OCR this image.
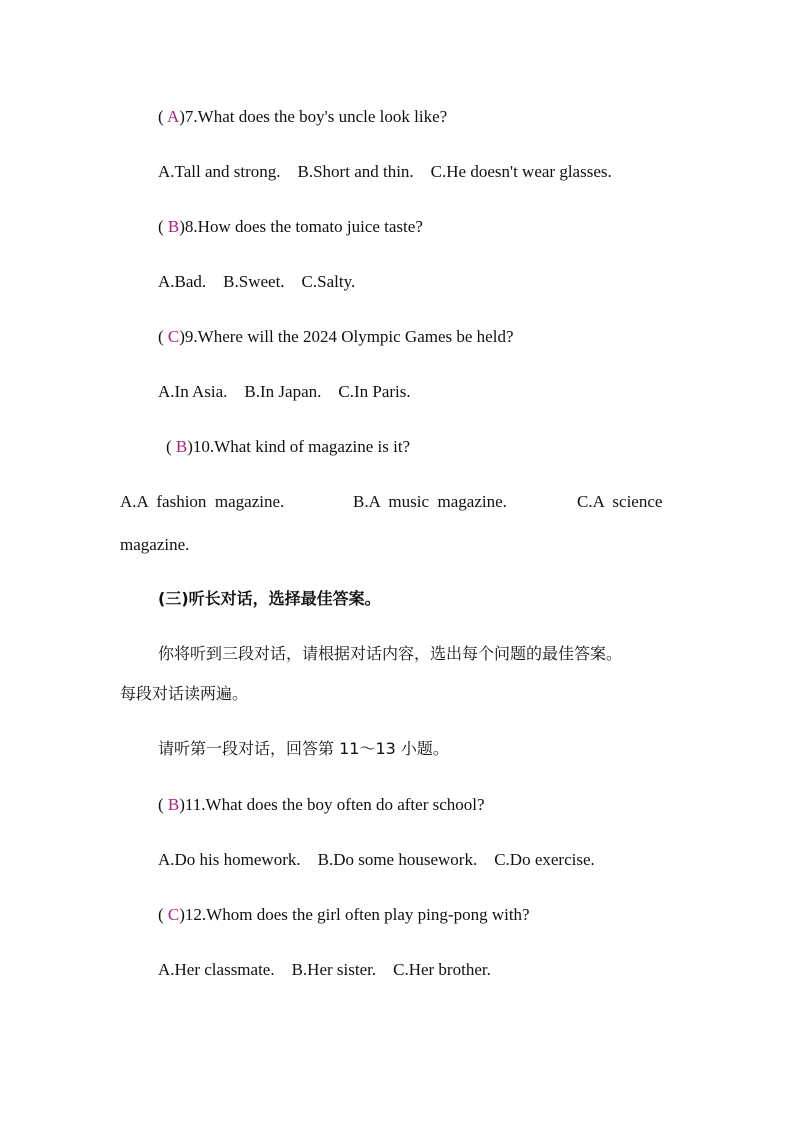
( A)7.What does the boy's uncle look like?
A.Tall and strong.    B.Short and thin.    C.He doesn't wear glasses.
( B)8.How does the tomato juice taste?
A.Bad.    B.Sweet.    C.Salty.
( C)9.Where will the 2024 Olympic Games be held?
A.In Asia.    B.In Japan.    C.In Paris.
( B)10.What kind of magazine is it?
A.A  fashion  magazine.	B.A  music  magazine.	C.A  science
magazine.
(三)听长对话，选择最佳答案。
你将听到三段对话，请根据对话内容，选出每个问题的最佳答案。
每段对话读两遍。
请听第一段对话，回答第 11～13 小题。
( B)11.What does the boy often do after school?
A.Do his homework.    B.Do some housework.    C.Do exercise.
( C)12.Whom does the girl often play ping-pong with?
A.Her classmate.    B.Her sister.    C.Her brother.
